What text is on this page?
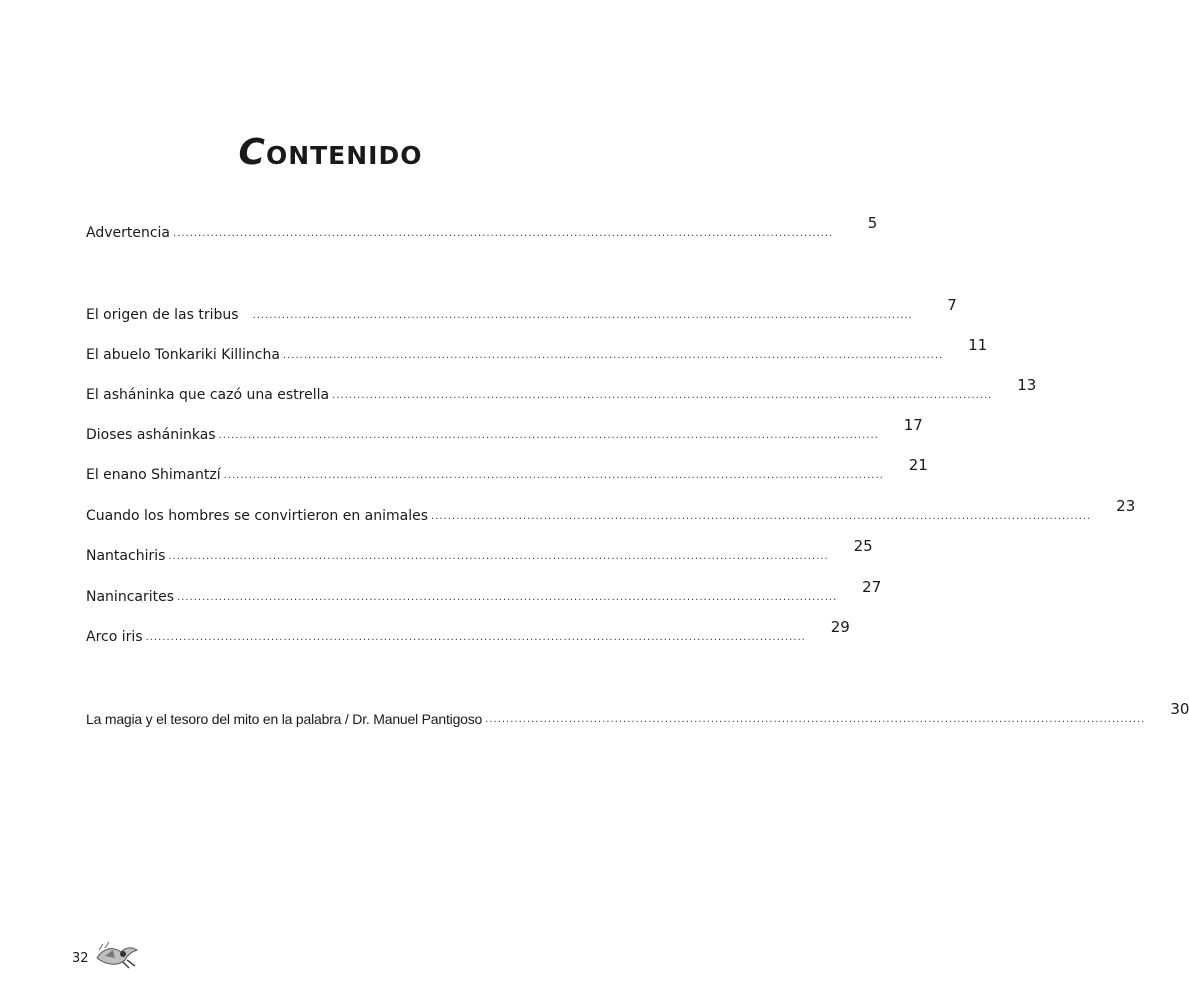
CONTENIDO
Advertencia ..............................................................................................................................................................
5
El origen de las tribus ..............................................................................................................................................................
7
El abuelo Tonkariki Killincha ..............................................................................................................................................................
11
El asháninka que cazó una estrella ..............................................................................................................................................................
13
Dioses asháninkas ..............................................................................................................................................................
17
El enano Shimantzí ..............................................................................................................................................................
21
Cuando los hombres se convirtieron en animales ..............................................................................................................................................................
23
Nantachiris ..............................................................................................................................................................
25
Nanincarites ..............................................................................................................................................................
27
Arco iris ..............................................................................................................................................................
29
La magia y el tesoro del mito en la palabra / Dr. Manuel Pantigoso ..............................................................................................................................................................
30
32
